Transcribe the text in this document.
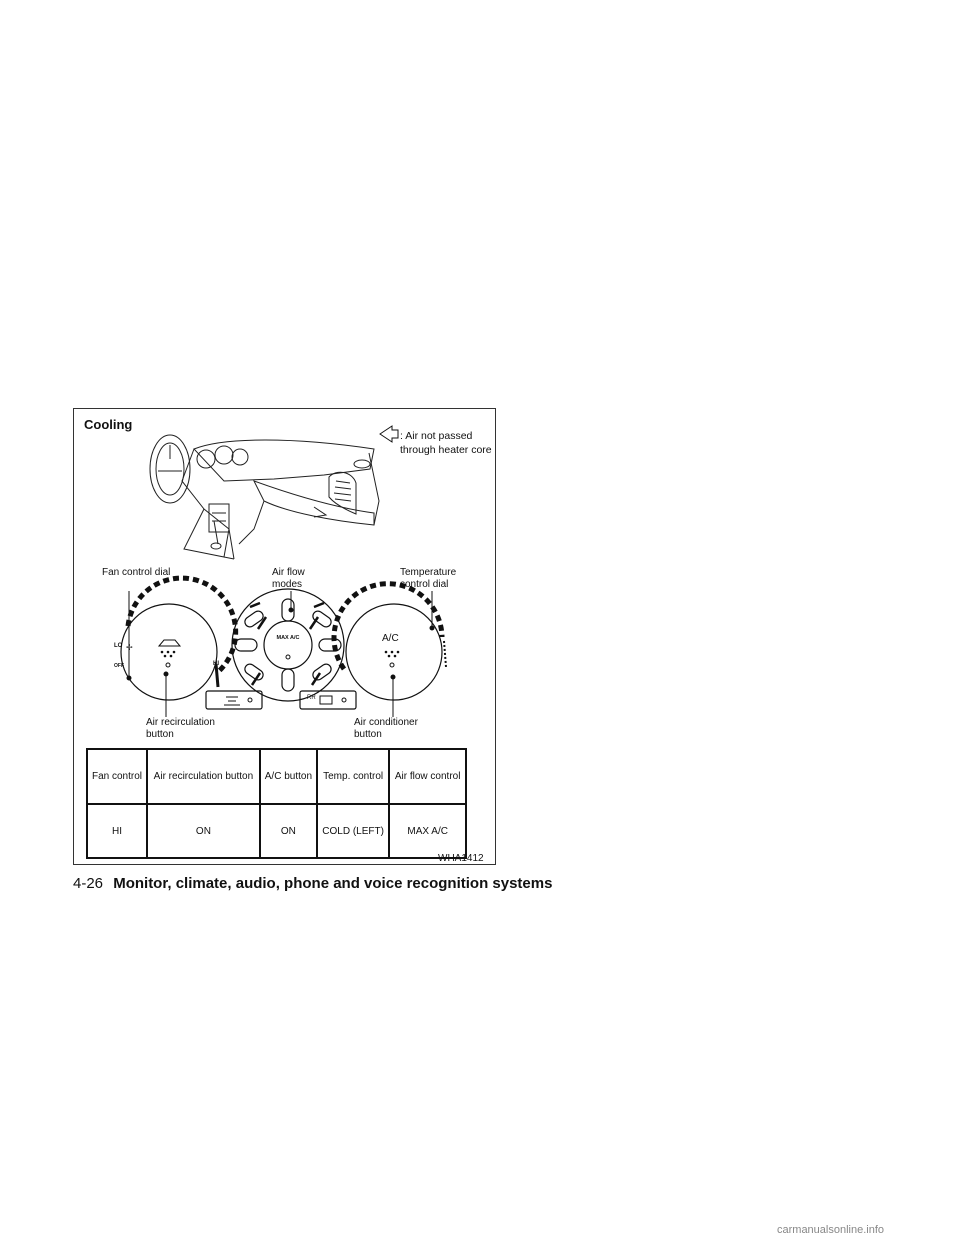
Cooling
Fan control dial	Air flow modes
Temperature control dial
Air recirculation button
Air conditioner button
LO ✢
OFF	HI
MAX A/C	A/C
RR
: Air not passed through heater core
Fan control	Air recirculation button	A/C button	Temp. control	Air flow control
HI	ON	ON	COLD (LEFT)	MAX A/C
WHA1412
4-26 Monitor, climate, audio, phone and voice recognition systems
carmanualsonline.info
